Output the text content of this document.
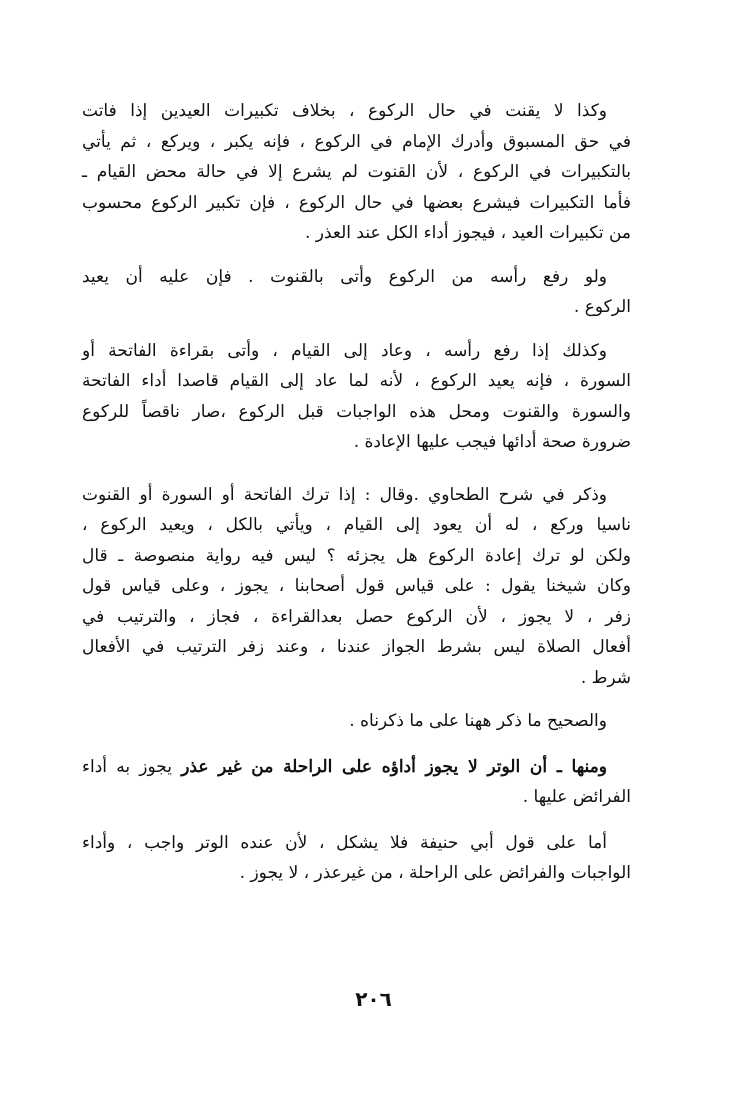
وكذا لا يقنت في حال الركوع ، بخلاف تكبيرات العيدين إذا فاتت
في حق المسبوق وأدرك الإمام في الركوع ، فإنه يكبر ، ويركع ، ثم يأتي
بالتكبيرات في الركوع ، لأن القنوت لم يشرع إلا في حالة محض القيام ـ
فأما التكبيرات فيشرع بعضها في حال الركوع ، فإن تكبير الركوع محسوب
من تكبيرات العيد ، فيجوز أداء الكل عند العذر .
ولو رفع رأسه من الركوع وأتى بالقنوت . فإن عليه أن يعيد
الركوع .
وكذلك إذا رفع رأسه ، وعاد إلى القيام ، وأتى بقراءة الفاتحة أو
السورة ، فإنه يعيد الركوع ، لأنه لما عاد إلى القيام قاصدا أداء الفاتحة
والسورة والقنوت ومحل هذه الواجبات قبل الركوع ،صار ناقصاً للركوع
ضرورة صحة أدائها فيجب عليها الإعادة .
وذكر في شرح الطحاوي .وقال : إذا ترك الفاتحة أو السورة أو القنوت
ناسيا وركع ، له أن يعود إلى القيام ، ويأتي بالكل ، ويعيد الركوع ،
ولكن لو ترك إعادة الركوع هل يجزئه ؟ ليس فيه رواية منصوصة ـ قال
وكان شيخنا يقول : على قياس قول أصحابنا ، يجوز ، وعلى قياس قول
زفر ، لا يجوز ، لأن الركوع حصل بعدالقراءة ، فجاز ، والترتيب في
أفعال الصلاة ليس بشرط الجواز عندنا ، وعند زفر الترتيب في الأفعال
شرط .
والصحيح ما ذكر ههنا على ما ذكرناه .
ومنها ـ أن الوتر لا يجوز أداؤه على الراحلة من غير عذر يجوز به أداء
الفرائض عليها .
أما على قول أبي حنيفة فلا يشكل ، لأن عنده الوتر واجب ، وأداء
الواجبات والفرائض على الراحلة ، من غيرعذر ، لا يجوز .
٢٠٦
